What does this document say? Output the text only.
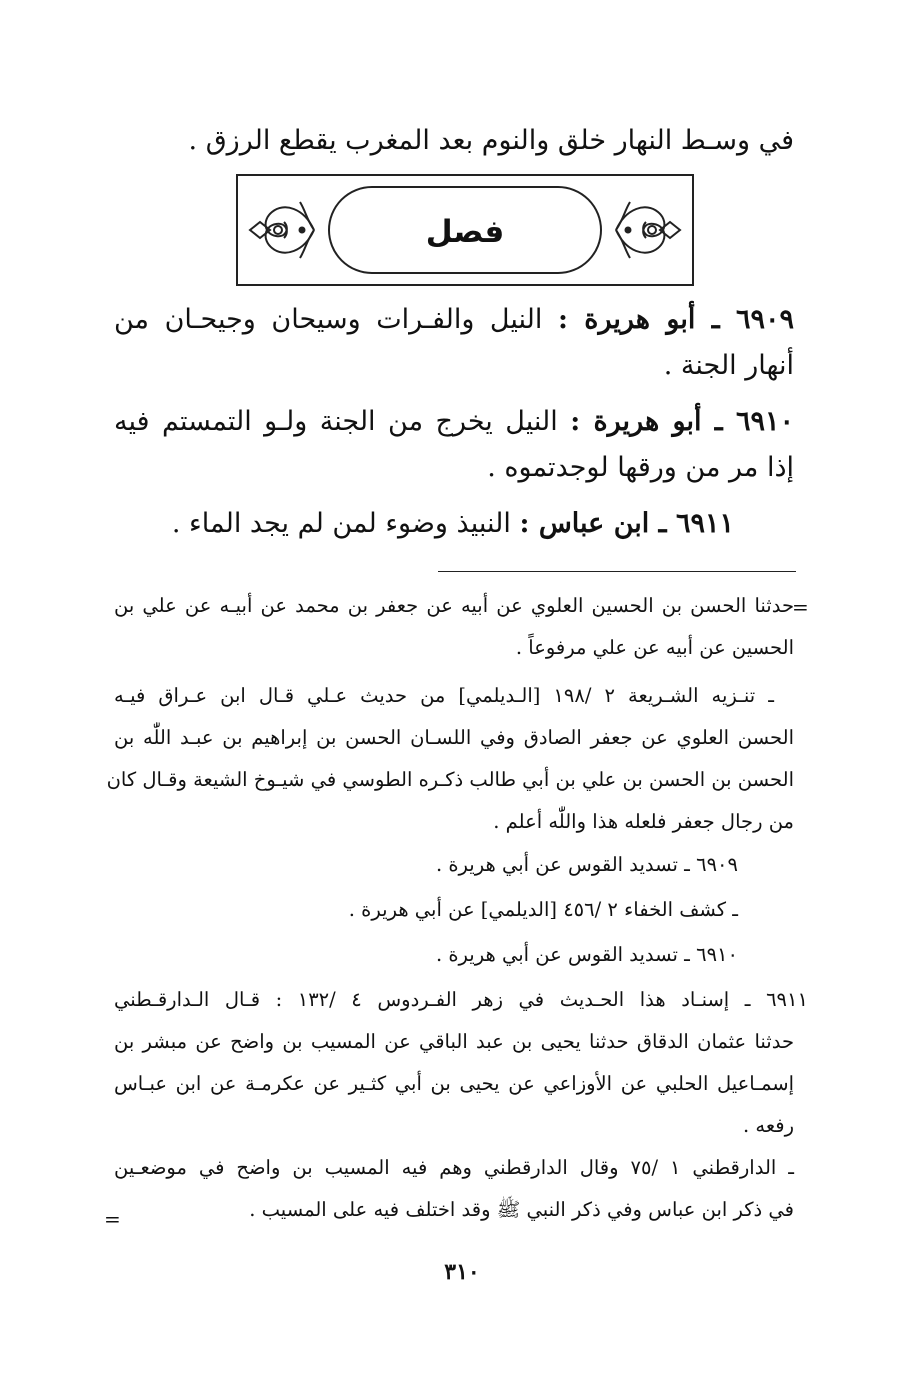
في وسـط النهار خلق والنوم بعد المغرب يقطع الرزق .
فصل
٦٩٠٩ ـ أبو هريرة : النيل والفـرات وسيحان وجيحـان من
أنهار الجنة .
٦٩١٠ ـ أبو هريرة : النيل يخرج من الجنة ولـو التمستم فيه
إذا مر من ورقها لوجدتموه .
٦٩١١ ـ ابن عباس : النبيذ وضوء لمن لم يجد الماء .
=
حدثنا الحسن بن الحسين العلوي عن أبيه عن جعفر بن محمد عن أبيـه عن علي بن
الحسين عن أبيه عن علي مرفوعاً .
ـ تنـزيه الشـريعة ٢ /١٩٨ [الـديلمي] من حديث عـلي قـال ابن عـراق فيـه
الحسن العلوي عن جعفر الصادق وفي اللسـان الحسن بن إبراهيم بن عبـد اللّٰه بن
الحسن بن الحسن بن علي بن أبي طالب ذكـره الطوسي في شيـوخ الشيعة وقـال كان
من رجال جعفر فلعله هذا واللّٰه أعلم .
٦٩٠٩ ـ تسديد القوس عن أبي هريرة .
ـ كشف الخفاء ٢ /٤٥٦ [الديلمي] عن أبي هريرة .
٦٩١٠ ـ تسديد القوس عن أبي هريرة .
٦٩١١ ـ إسنـاد هذا الحـديث في زهر الفـردوس ٤ /١٣٢ : قـال الـدارقـطني
حدثنا عثمان الدقاق حدثنا يحيى بن عبد الباقي عن المسيب بن واضح عن مبشر بن
إسمـاعيل الحلبي عن الأوزاعي عن يحيى بن أبي كثـير عن عكرمـة عن ابن عبـاس
رفعه .
ـ الدارقطني ١ /٧٥ وقال الدارقطني وهم فيه المسيب بن واضح في موضعـين
في ذكر ابن عباس وفي ذكر النبي ﷺ وقد اختلف فيه على المسيب .
=
٣١٠
